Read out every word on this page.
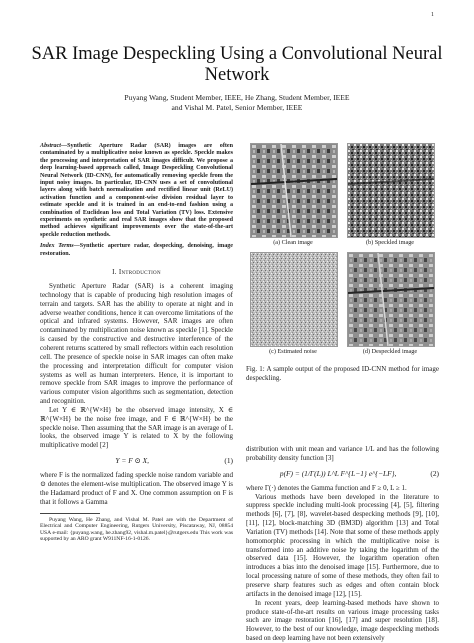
1
SAR Image Despeckling Using a Convolutional Neural Network
Puyang Wang, Student Member, IEEE, He Zhang, Student Member, IEEE
and Vishal M. Patel, Senior Member, IEEE

Abstract—Synthetic Aperture Radar (SAR) images are often contaminated by a multiplicative noise known as speckle. Speckle makes the processing and interpretation of SAR images difficult. We propose a deep learning-based approach called, Image Despeckling Convolutional Neural Network (ID-CNN), for automatically removing speckle from the input noisy images. In particular, ID-CNN uses a set of convolutional layers along with batch normalization and rectified linear unit (ReLU) activation function and a component-wise division residual layer to estimate speckle and it is trained in an end-to-end fashion using a combination of Euclidean loss and Total Variation (TV) loss. Extensive experiments on synthetic and real SAR images show that the proposed method achieves significant improvements over the state-of-the-art speckle reduction methods.

Index Terms—Synthetic aperture radar, despecking, denoising, image restoration.

I. Introduction

Synthetic Aperture Radar (SAR) is a coherent imaging technology that is capable of producing high resolution images of terrain and targets. SAR has the ability to operate at night and in adverse weather conditions, hence it can overcome limitations of the optical and infrared systems. However, SAR images are often contaminated by multiplication noise known as speckle [1]. Speckle is caused by the constructive and destructive interference of the coherent returns scattered by small reflectors within each resolution cell. The presence of speckle noise in SAR images can often make the processing and interpretation difficult for computer vision systems as well as human interpreters. Hence, it is important to remove speckle from SAR images to improve the performance of various computer vision algorithms such as segmentation, detection and recognition.

Let Y ∈ ℝ^{W×H} be the observed image intensity, X ∈ ℝ^{W×H} be the noise free image, and F ∈ ℝ^{W×H} be the speckle noise. Then assuming that the SAR image is an average of L looks, the observed image Y is related to X by the following multiplicative model [2]

Y = F ⊙ X,	(1)

where F is the normalized fading speckle noise random variable and ⊙ denotes the element-wise multiplication. The observed image Y is the Hadamard product of F and X. One common assumption on F is that it follows a Gamma

Puyang Wang, He Zhang, and Vishal M. Patel are with the Department of Electrical and Computer Engineering, Rutgers University, Piscataway, NJ, 08854 USA e-mail: {puyang.wang, he.zhang92, vishal.m.patel}@rutgers.edu This work was supported by an ARO grant W911NF-16-1-0126.

(a) Clean image	(b) Speckled image
(c) Estimated noise	(d) Despeckled image

Fig. 1: A sample output of the proposed ID-CNN method for image despeckling.

distribution with unit mean and variance 1/L and has the following probability density function [3]

p(F) = (1/Γ(L)) L^L F^{L−1} e^{−LF},	(2)

where Γ(·) denotes the Gamma function and F ≥ 0, L ≥ 1.

Various methods have been developed in the literature to suppress speckle including multi-look processing [4], [5], filtering methods [6], [7], [8], wavelet-based despecking methods [9], [10], [11], [12], block-matching 3D (BM3D) algorithm [13] and Total Variation (TV) methods [14]. Note that some of these methods apply homomorphic processing in which the multiplicative noise is transformed into an additive noise by taking the logarithm of the observed data [15]. However, the logarithm operation often introduces a bias into the denoised image [15]. Furthermore, due to local processing nature of some of these methods, they often fail to preserve sharp features such as edges and often contain block artifacts in the denoised image [12], [15].

In recent years, deep learning-based methods have shown to produce state-of-the-art results on various image processing tasks such are image restoration [16], [17] and super resolution [18]. However, to the best of our knowledge, image despeckling methods based on deep learning have not been extensively
